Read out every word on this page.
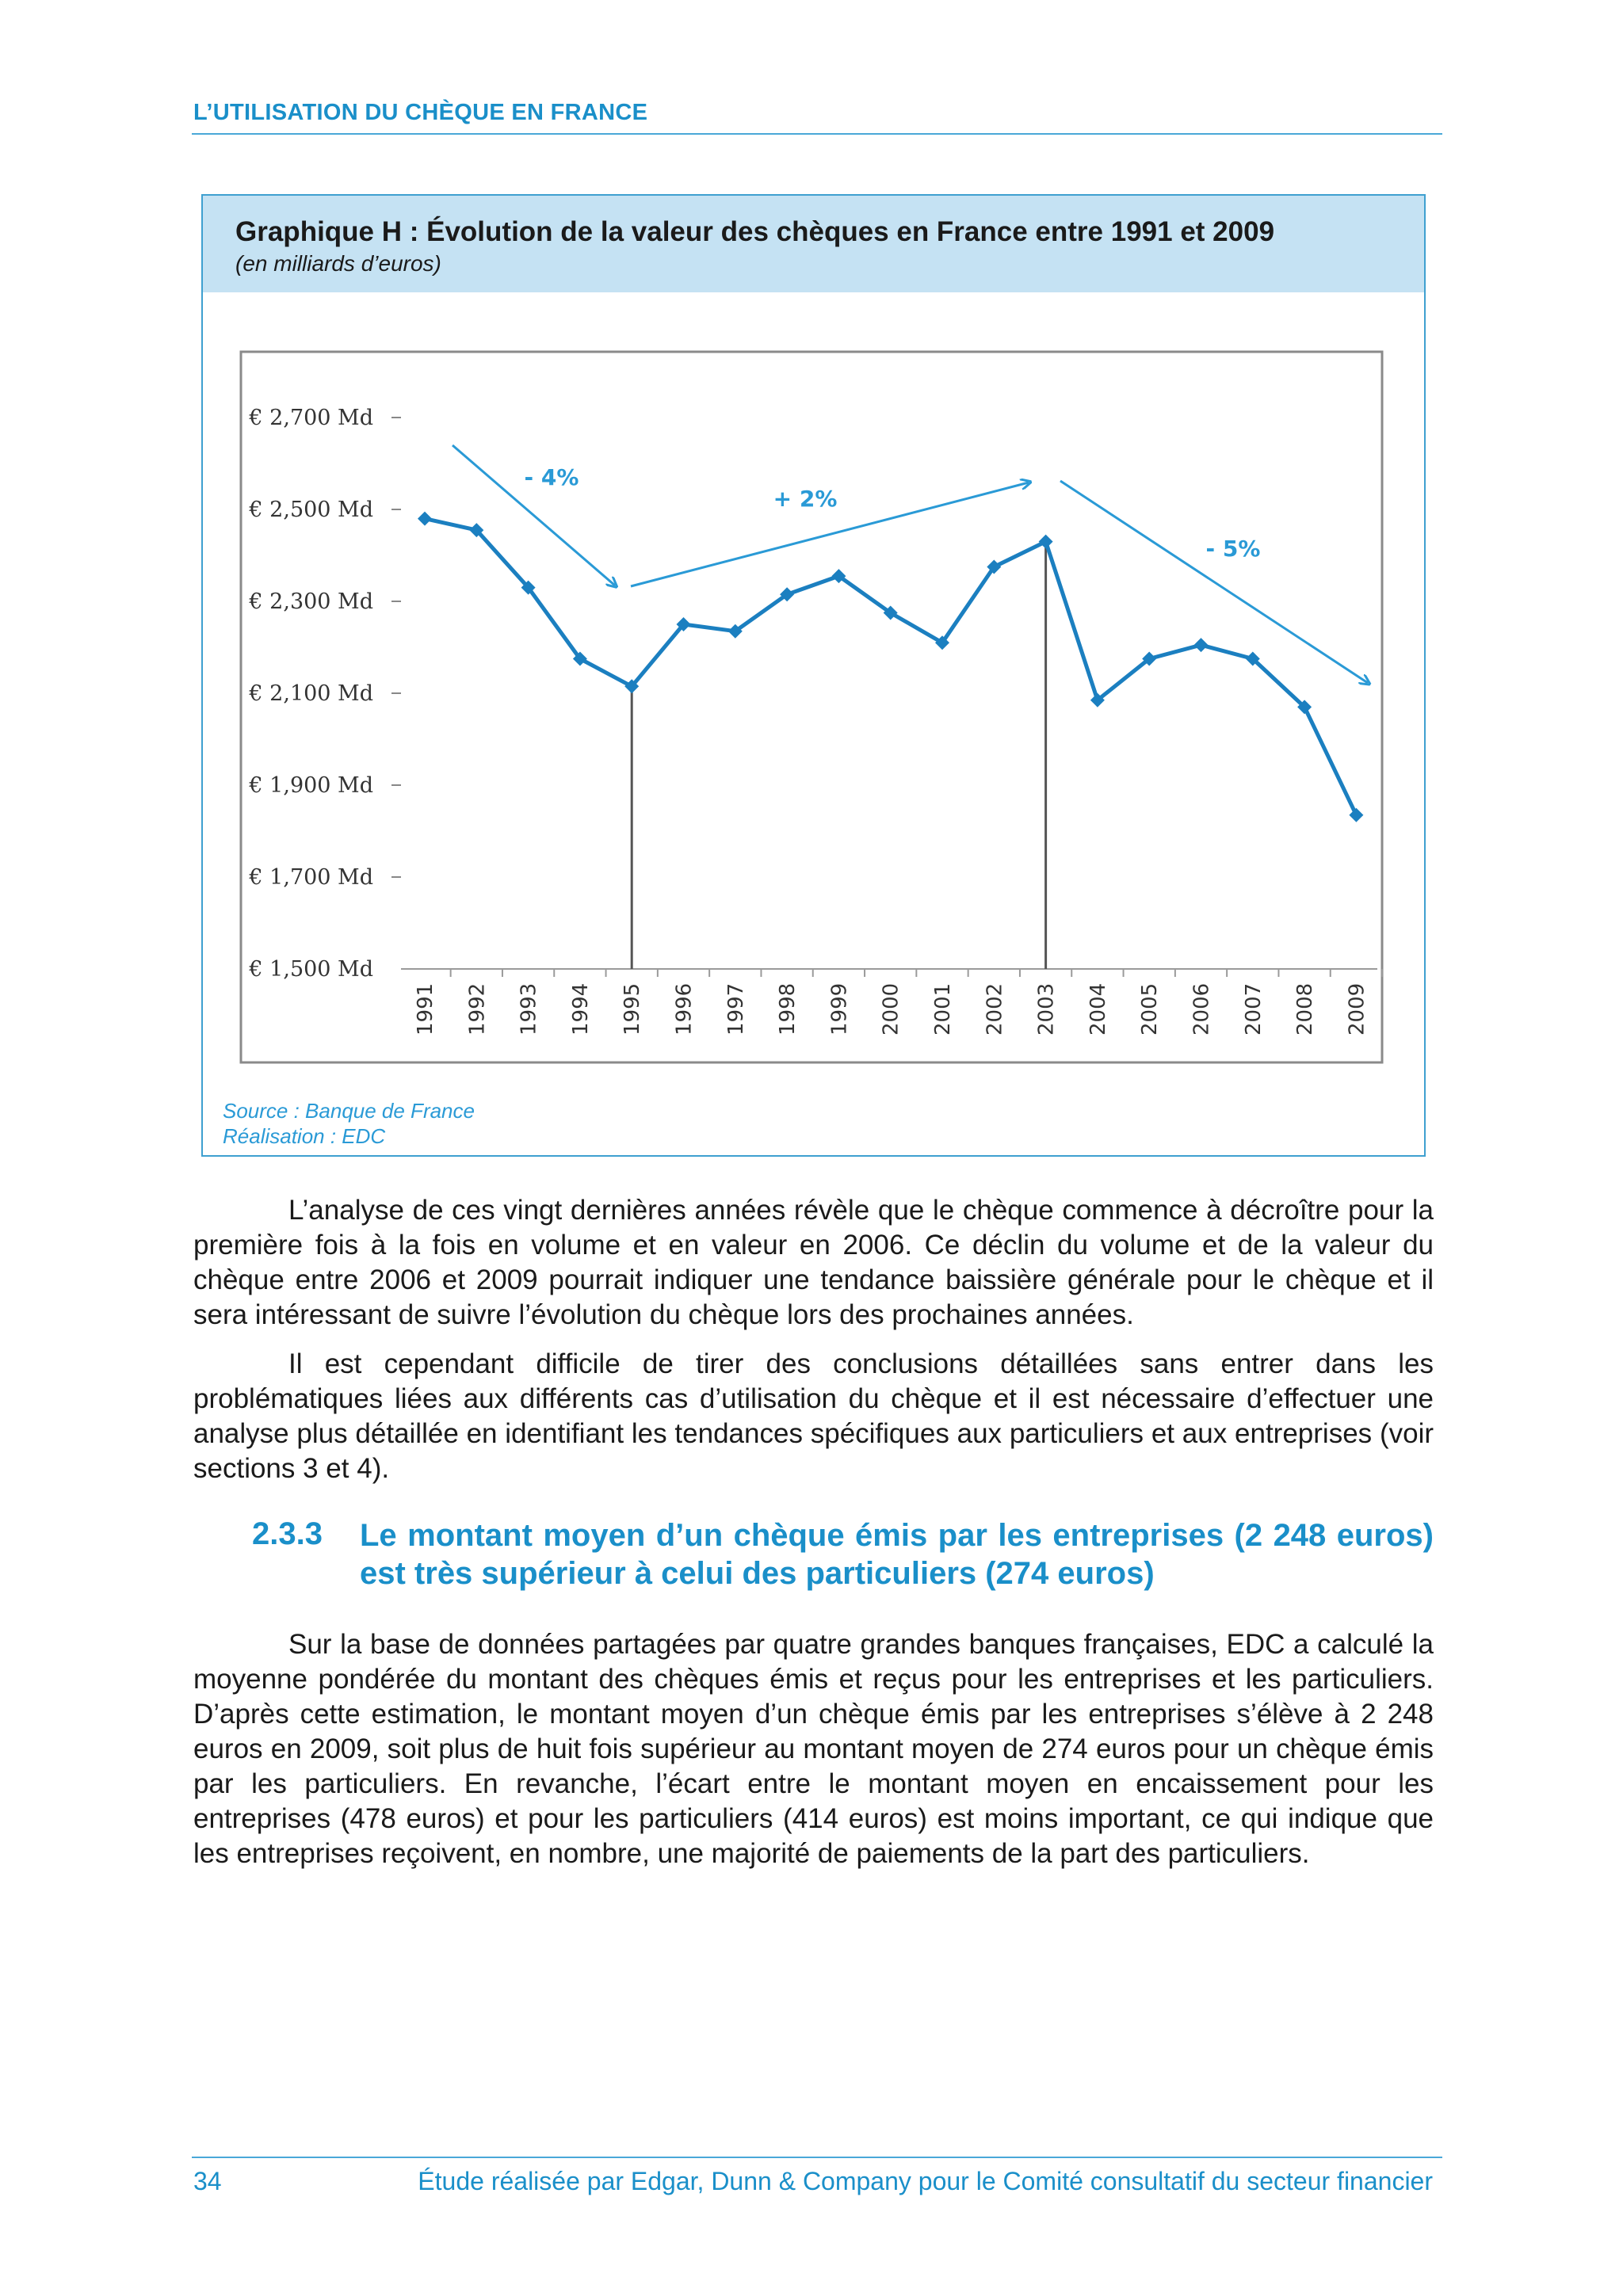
L’UTILISATION DU CHÈQUE EN FRANCE
Graphique H : Évolution de la valeur des chèques en France entre 1991 et 2009
(en milliards d’euros)
€ 1,500 Md
€ 1,700 Md
€ 1,900 Md
€ 2,100 Md
€ 2,300 Md
€ 2,500 Md
€ 2,700 Md
1991 1992 1993 1994 1995 1996 1997 1998 1999 2000 2001 2002 2003 2004 2005 2006 2007 2008 2009
- 4%
+ 2%
- 5%
Source : Banque de France
Réalisation : EDC

L’analyse de ces vingt dernières années révèle que le chèque commence à décroître pour la première fois à la fois en volume et en valeur en 2006. Ce déclin du volume et de la valeur du chèque entre 2006 et 2009 pourrait indiquer une tendance baissière générale pour le chèque et il sera intéressant de suivre l’évolution du chèque lors des prochaines années.

Il est cependant difficile de tirer des conclusions détaillées sans entrer dans les problématiques liées aux différents cas d’utilisation du chèque et il est nécessaire d’effectuer une analyse plus détaillée en identifiant les tendances spécifiques aux particuliers et aux entreprises (voir sections 3 et 4).

2.3.3 Le montant moyen d’un chèque émis par les entreprises (2 248 euros) est très supérieur à celui des particuliers (274 euros)

Sur la base de données partagées par quatre grandes banques françaises, EDC a calculé la moyenne pondérée du montant des chèques émis et reçus pour les entreprises et les particuliers. D’après cette estimation, le montant moyen d’un chèque émis par les entreprises s’élève à 2 248 euros en 2009, soit plus de huit fois supérieur au montant moyen de 274 euros pour un chèque émis par les particuliers. En revanche, l’écart entre le montant moyen en encaissement pour les entreprises (478 euros) et pour les particuliers (414 euros) est moins important, ce qui indique que les entreprises reçoivent, en nombre, une majorité de paiements de la part des particuliers.

34	Étude réalisée par Edgar, Dunn & Company pour le Comité consultatif du secteur financier
